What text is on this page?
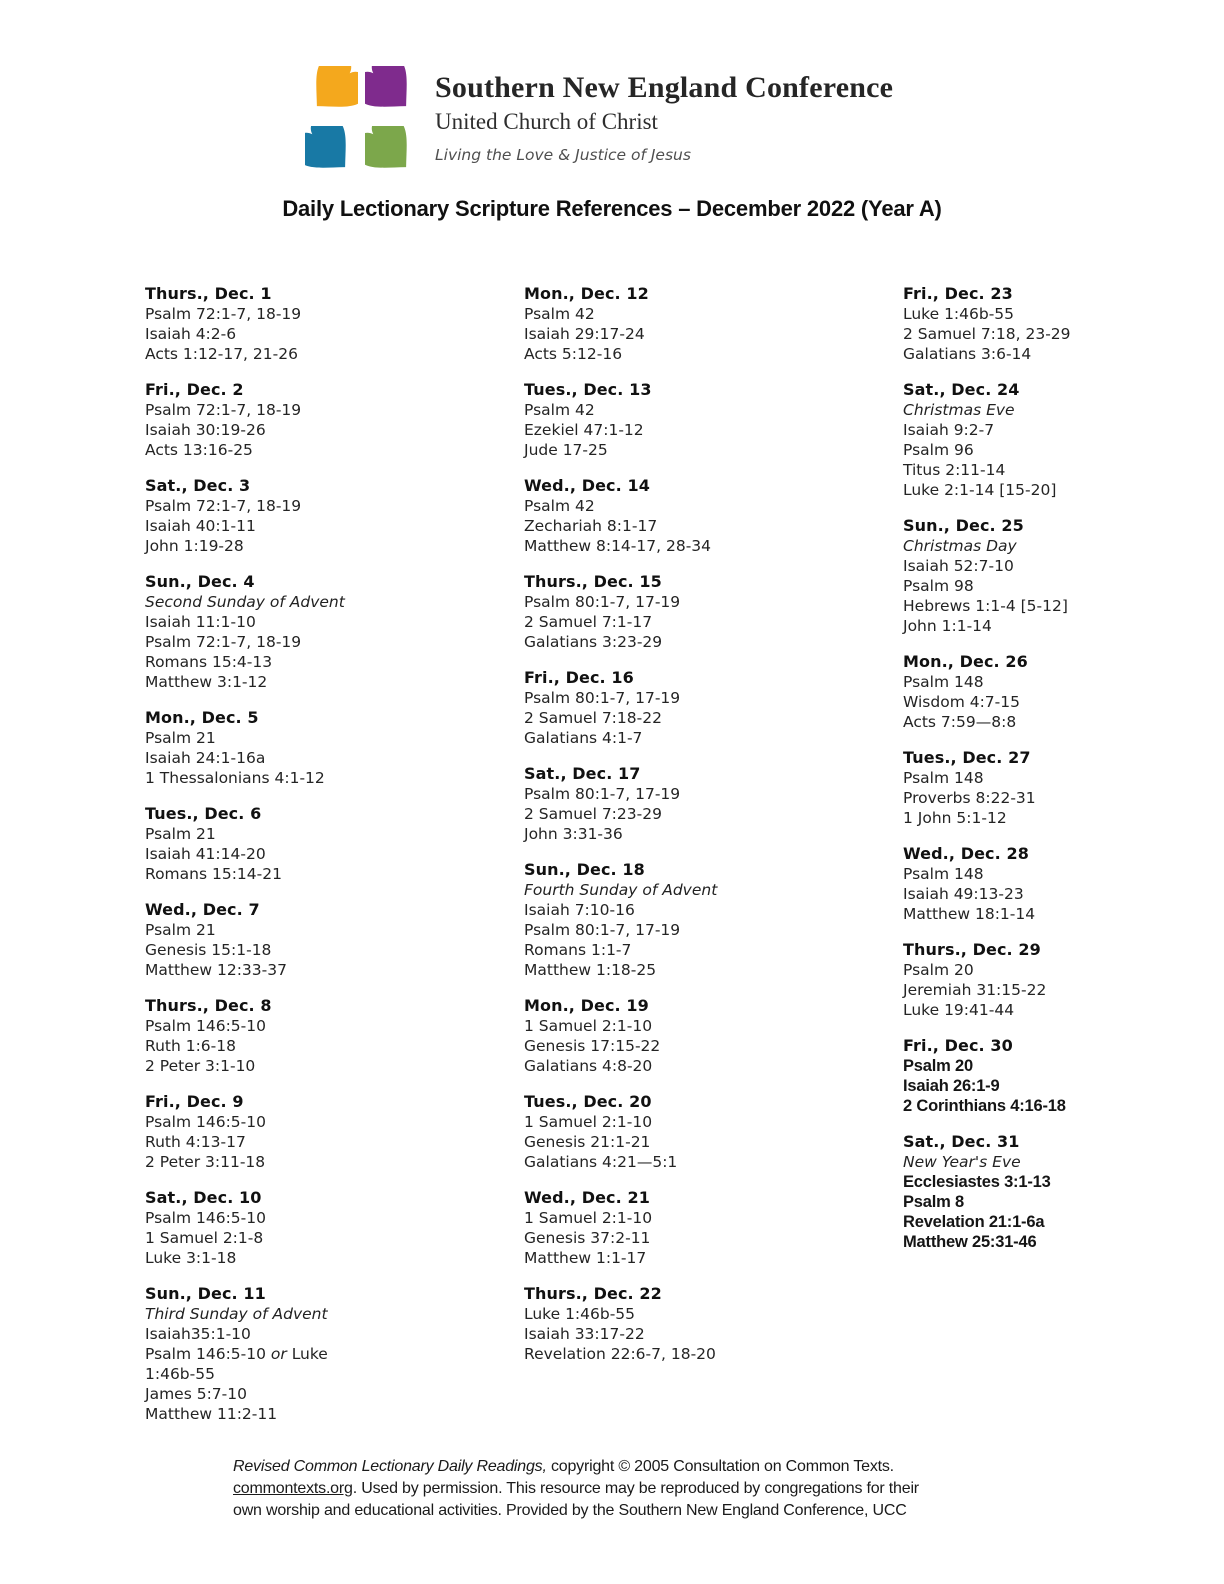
Southern New England Conference
United Church of Christ
Living the Love & Justice of Jesus
Daily Lectionary Scripture References – December 2022 (Year A)
Thurs., Dec. 1
Psalm 72:1-7, 18-19
Isaiah 4:2-6
Acts 1:12-17, 21-26
Fri., Dec. 2
Psalm 72:1-7, 18-19
Isaiah 30:19-26
Acts 13:16-25
Sat., Dec. 3
Psalm 72:1-7, 18-19
Isaiah 40:1-11
John 1:19-28
Sun., Dec. 4
Second Sunday of Advent
Isaiah 11:1-10
Psalm 72:1-7, 18-19
Romans 15:4-13
Matthew 3:1-12
Mon., Dec. 5
Psalm 21
Isaiah 24:1-16a
1 Thessalonians 4:1-12
Tues., Dec. 6
Psalm 21
Isaiah 41:14-20
Romans 15:14-21
Wed., Dec. 7
Psalm 21
Genesis 15:1-18
Matthew 12:33-37
Thurs., Dec. 8
Psalm 146:5-10
Ruth 1:6-18
2 Peter 3:1-10
Fri., Dec. 9
Psalm 146:5-10
Ruth 4:13-17
2 Peter 3:11-18
Sat., Dec. 10
Psalm 146:5-10
1 Samuel 2:1-8
Luke 3:1-18
Sun., Dec. 11
Third Sunday of Advent
Isaiah35:1-10
Psalm 146:5-10 or Luke
1:46b-55
James 5:7-10
Matthew 11:2-11
Mon., Dec. 12
Psalm 42
Isaiah 29:17-24
Acts 5:12-16
Tues., Dec. 13
Psalm 42
Ezekiel 47:1-12
Jude 17-25
Wed., Dec. 14
Psalm 42
Zechariah 8:1-17
Matthew 8:14-17, 28-34
Thurs., Dec. 15
Psalm 80:1-7, 17-19
2 Samuel 7:1-17
Galatians 3:23-29
Fri., Dec. 16
Psalm 80:1-7, 17-19
2 Samuel 7:18-22
Galatians 4:1-7
Sat., Dec. 17
Psalm 80:1-7, 17-19
2 Samuel 7:23-29
John 3:31-36
Sun., Dec. 18
Fourth Sunday of Advent
Isaiah 7:10-16
Psalm 80:1-7, 17-19
Romans 1:1-7
Matthew 1:18-25
Mon., Dec. 19
1 Samuel 2:1-10
Genesis 17:15-22
Galatians 4:8-20
Tues., Dec. 20
1 Samuel 2:1-10
Genesis 21:1-21
Galatians 4:21—5:1
Wed., Dec. 21
1 Samuel 2:1-10
Genesis 37:2-11
Matthew 1:1-17
Thurs., Dec. 22
Luke 1:46b-55
Isaiah 33:17-22
Revelation 22:6-7, 18-20
Fri., Dec. 23
Luke 1:46b-55
2 Samuel 7:18, 23-29
Galatians 3:6-14
Sat., Dec. 24
Christmas Eve
Isaiah 9:2-7
Psalm 96
Titus 2:11-14
Luke 2:1-14 [15-20]
Sun., Dec. 25
Christmas Day
Isaiah 52:7-10
Psalm 98
Hebrews 1:1-4 [5-12]
John 1:1-14
Mon., Dec. 26
Psalm 148
Wisdom 4:7-15
Acts 7:59—8:8
Tues., Dec. 27
Psalm 148
Proverbs 8:22-31
1 John 5:1-12
Wed., Dec. 28
Psalm 148
Isaiah 49:13-23
Matthew 18:1-14
Thurs., Dec. 29
Psalm 20
Jeremiah 31:15-22
Luke 19:41-44
Fri., Dec. 30
Psalm 20
Isaiah 26:1-9
2 Corinthians 4:16-18
Sat., Dec. 31
New Year's Eve
Ecclesiastes 3:1-13
Psalm 8
Revelation 21:1-6a
Matthew 25:31-46
Revised Common Lectionary Daily Readings, copyright © 2005 Consultation on Common Texts.
commontexts.org. Used by permission. This resource may be reproduced by congregations for their
own worship and educational activities. Provided by the Southern New England Conference, UCC
